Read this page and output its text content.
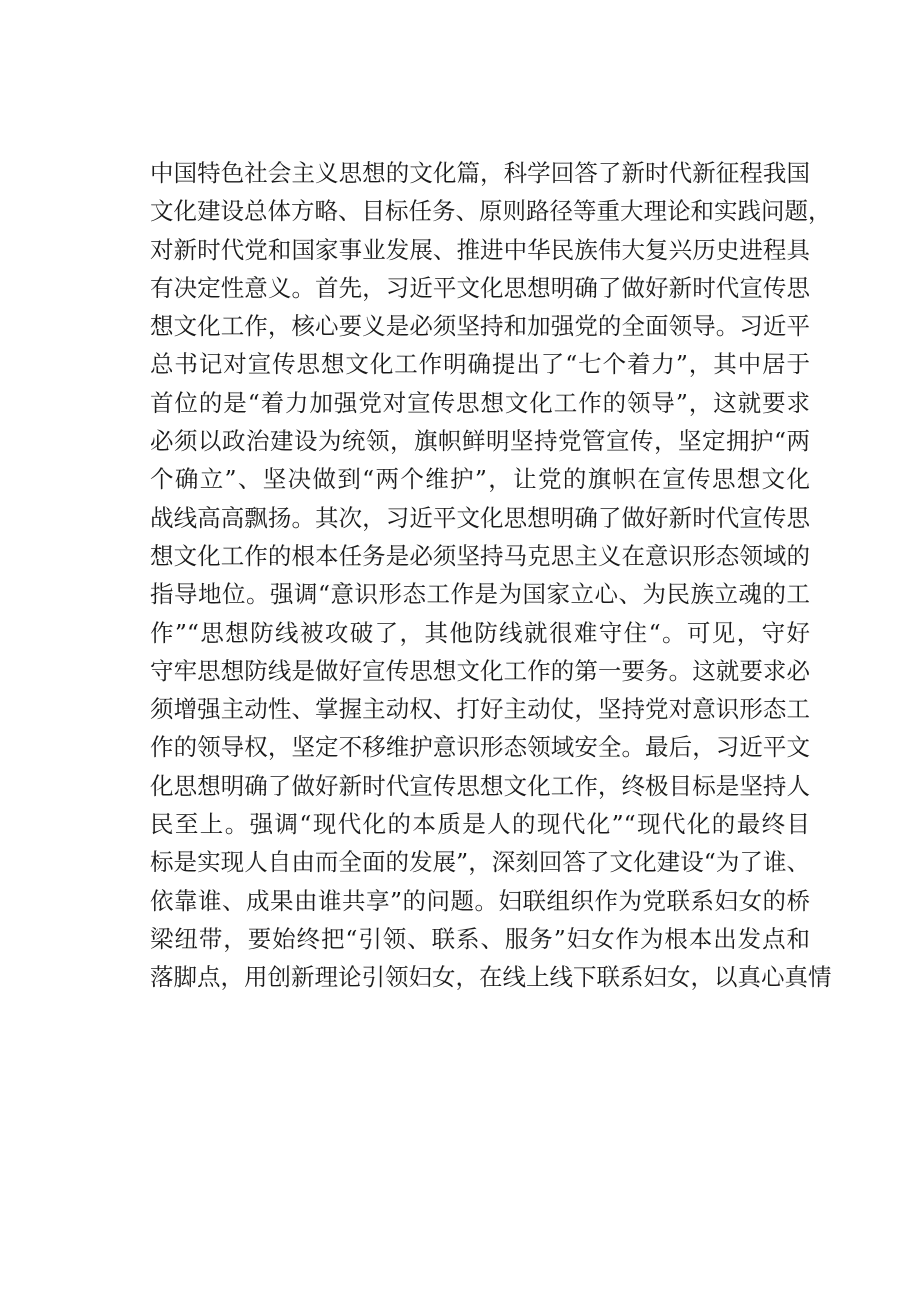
中国特色社会主义思想的文化篇，科学回答了新时代新征程我国
文化建设总体方略、目标任务、原则路径等重大理论和实践问题，
对新时代党和国家事业发展、推进中华民族伟大复兴历史进程具
有决定性意义。首先，习近平文化思想明确了做好新时代宣传思
想文化工作，核心要义是必须坚持和加强党的全面领导。习近平
总书记对宣传思想文化工作明确提出了“七个着力”，其中居于
首位的是“着力加强党对宣传思想文化工作的领导”，这就要求
必须以政治建设为统领，旗帜鲜明坚持党管宣传，坚定拥护“两
个确立”、坚决做到“两个维护”，让党的旗帜在宣传思想文化
战线高高飘扬。其次，习近平文化思想明确了做好新时代宣传思
想文化工作的根本任务是必须坚持马克思主义在意识形态领域的
指导地位。强调“意识形态工作是为国家立心、为民族立魂的工
作”“思想防线被攻破了，其他防线就很难守住“。可见，守好
守牢思想防线是做好宣传思想文化工作的第一要务。这就要求必
须增强主动性、掌握主动权、打好主动仗，坚持党对意识形态工
作的领导权，坚定不移维护意识形态领域安全。最后，习近平文
化思想明确了做好新时代宣传思想文化工作，终极目标是坚持人
民至上。强调“现代化的本质是人的现代化”“现代化的最终目
标是实现人自由而全面的发展”，深刻回答了文化建设“为了谁、
依靠谁、成果由谁共享”的问题。妇联组织作为党联系妇女的桥
梁纽带，要始终把“引领、联系、服务”妇女作为根本出发点和
落脚点，用创新理论引领妇女，在线上线下联系妇女，以真心真情
